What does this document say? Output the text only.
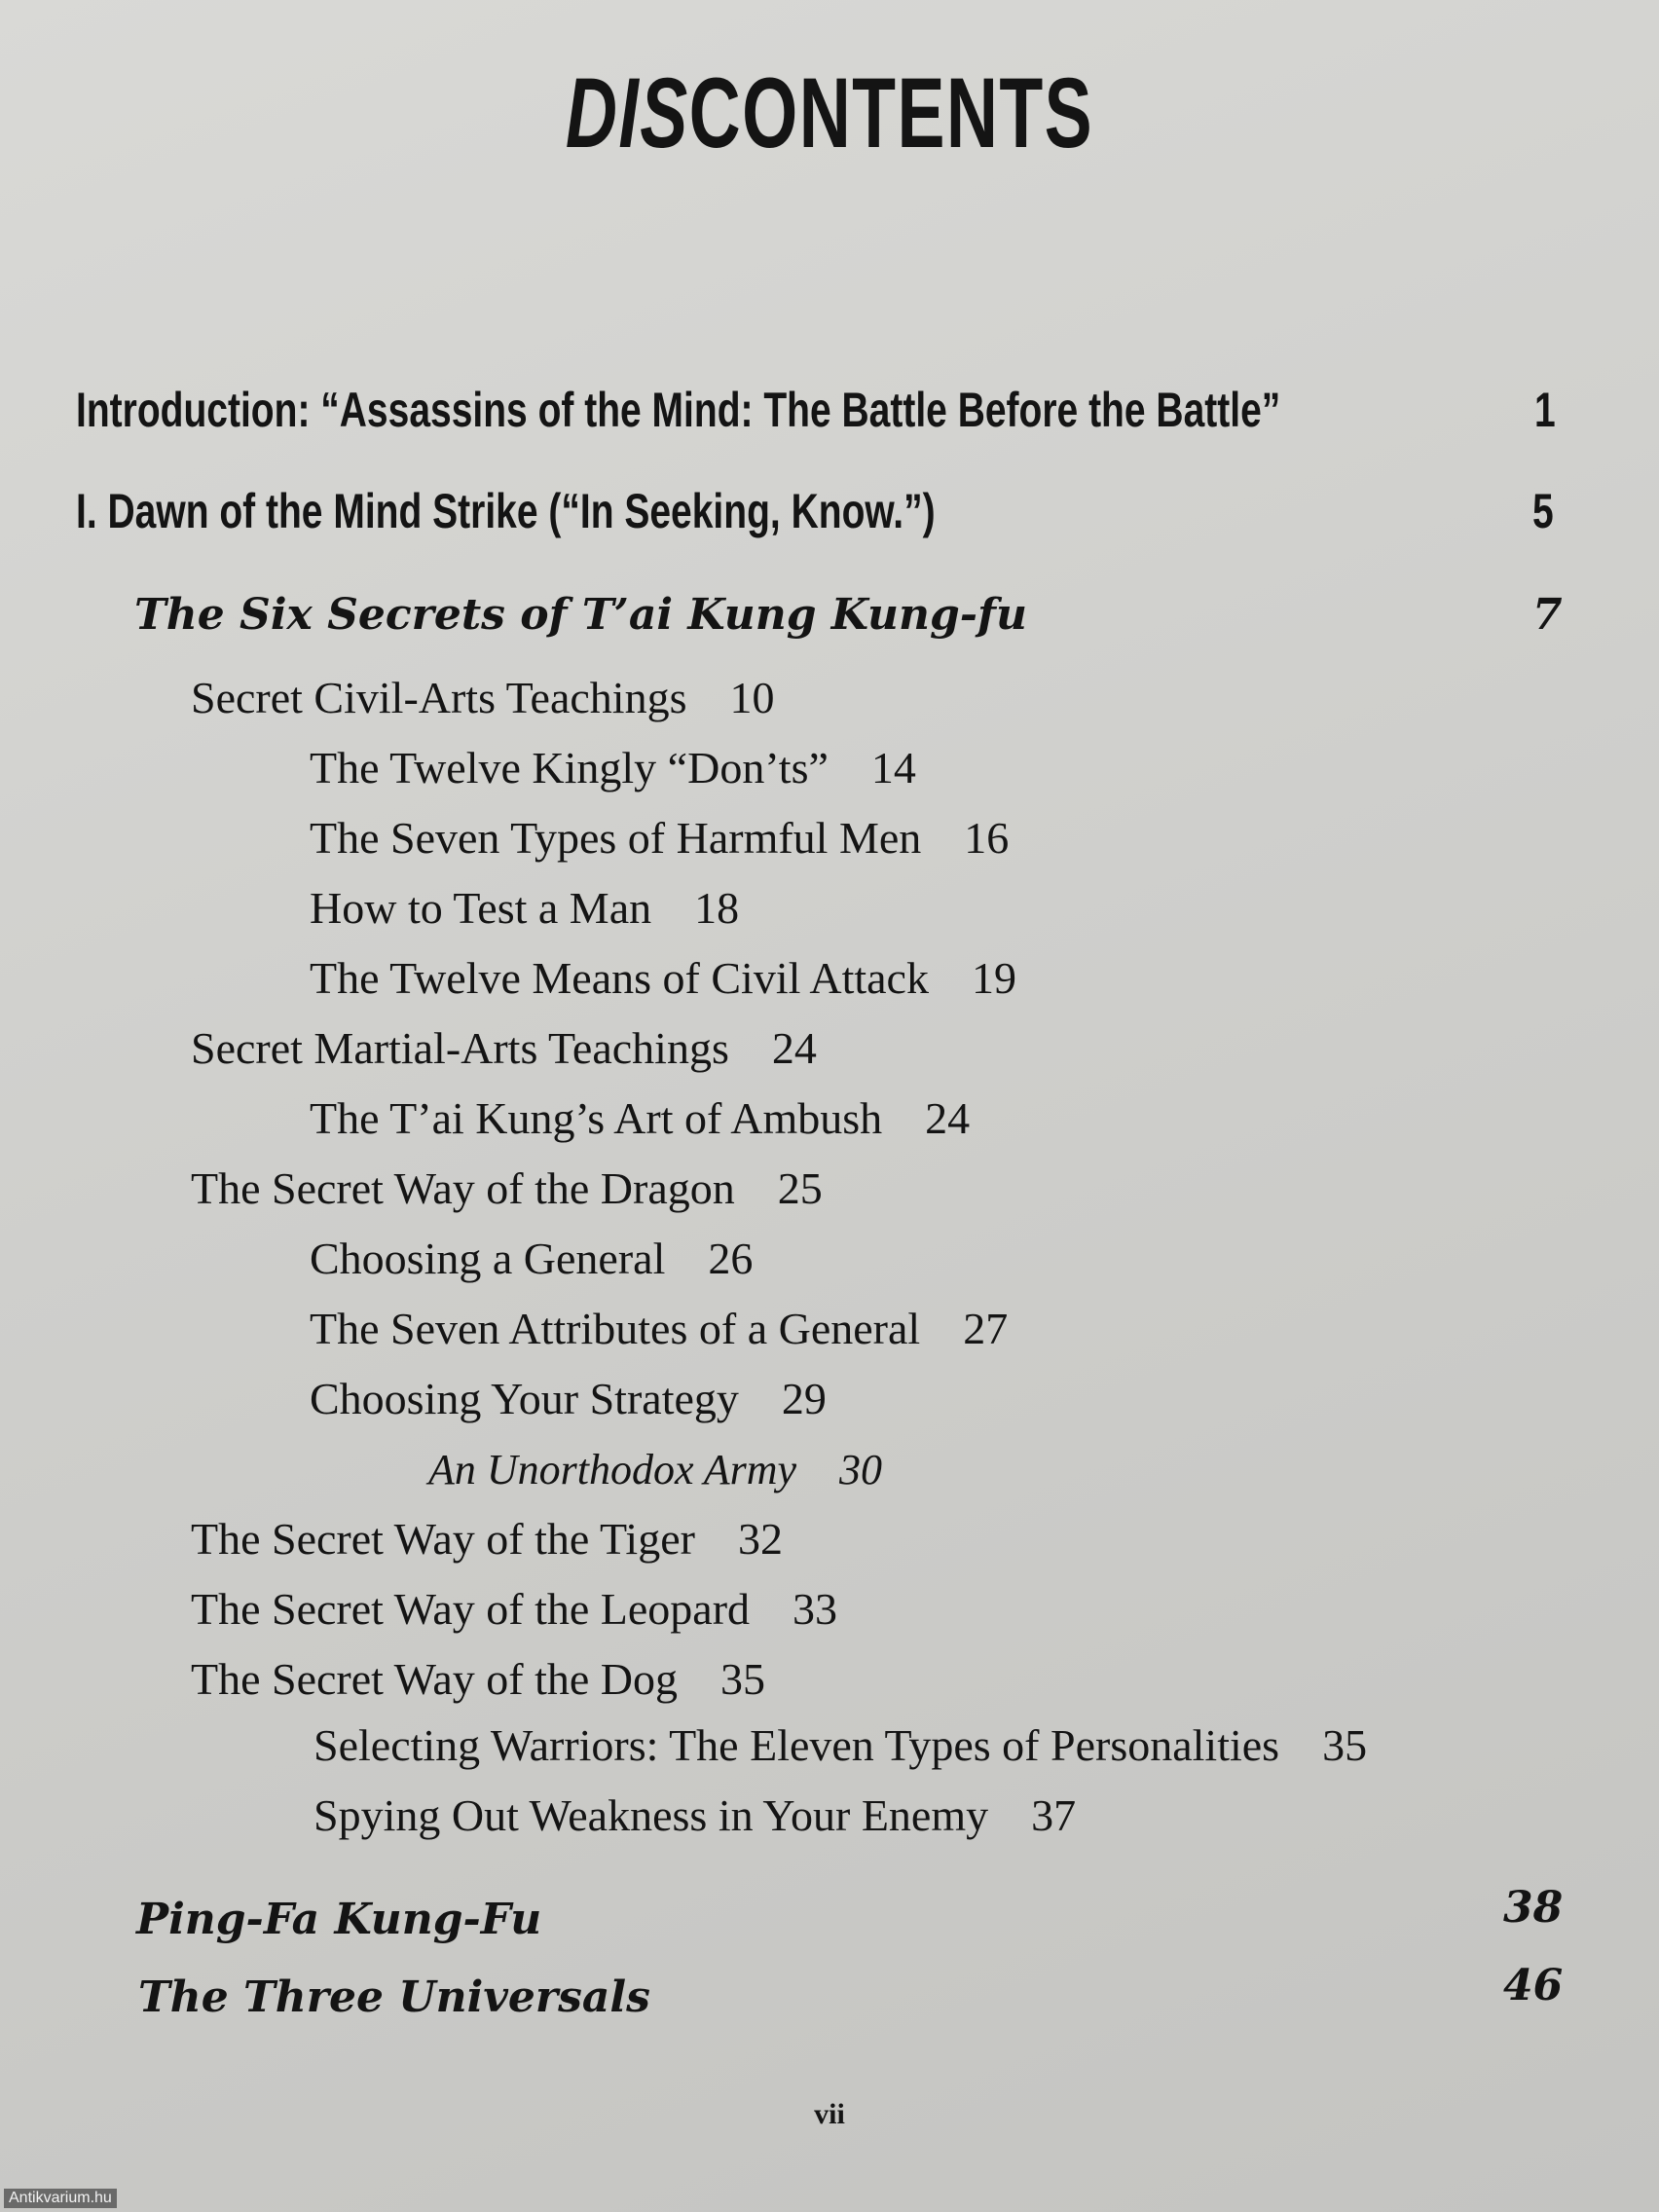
DISCONTENTS
Introduction: “Assassins of the Mind: The Battle Before the Battle”	1
I. Dawn of the Mind Strike (“In Seeking, Know.”)	5
The Six Secrets of T’ai Kung Kung-fu	7
Secret Civil-Arts Teachings 10
The Twelve Kingly “Don’ts” 14
The Seven Types of Harmful Men 16
How to Test a Man 18
The Twelve Means of Civil Attack 19
Secret Martial-Arts Teachings 24
The T’ai Kung’s Art of Ambush 24
The Secret Way of the Dragon 25
Choosing a General 26
The Seven Attributes of a General 27
Choosing Your Strategy 29
An Unorthodox Army 30
The Secret Way of the Tiger 32
The Secret Way of the Leopard 33
The Secret Way of the Dog 35
Selecting Warriors: The Eleven Types of Personalities 35
Spying Out Weakness in Your Enemy 37
Ping-Fa Kung-Fu	38
The Three Universals	46
vii
Antikvarium.hu
